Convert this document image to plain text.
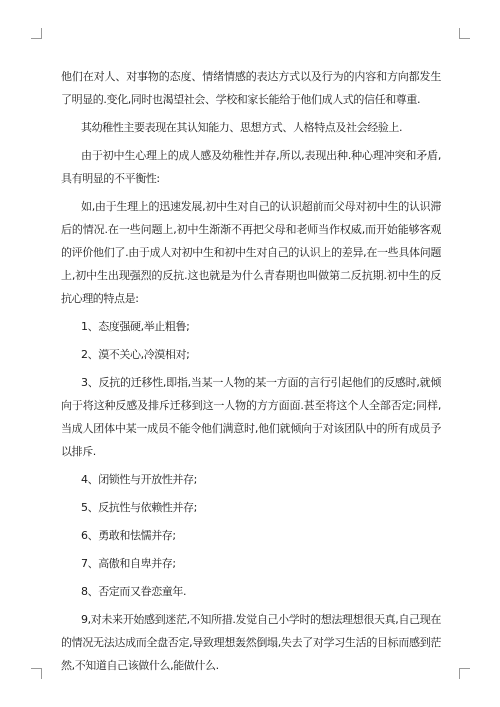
他们在对人、对事物的态度、情绪情感的表达方式以及行为的内容和方向都发生了明显的.变化,同时也渴望社会、学校和家长能给于他们成人式的信任和尊重.

其幼稚性主要表现在其认知能力、思想方式、人格特点及社会经验上.

由于初中生心理上的成人感及幼稚性并存,所以,表现出种.种心理冲突和矛盾,具有明显的不平衡性:

如,由于生理上的迅速发展,初中生对自己的认识超前而父母对初中生的认识滞后的情况.在一些问题上,初中生渐渐不再把父母和老师当作权威,而开始能够客观的评价他们了.由于成人对初中生和初中生对自己的认识上的差异,在一些具体问题上,初中生出现强烈的反抗.这也就是为什么青春期也叫做第二反抗期.初中生的反抗心理的特点是:

1、态度强硬,举止粗鲁;

2、漠不关心,冷漠相对;

3、反抗的迁移性,即指,当某一人物的某一方面的言行引起他们的反感时,就倾向于将这种反感及排斥迁移到这一人物的方方面面.甚至将这个人全部否定;同样,当成人团体中某一成员不能令他们满意时,他们就倾向于对该团队中的所有成员予以排斥.

4、闭锁性与开放性并存;

5、反抗性与依赖性并存;

6、勇敢和怯懦并存;

7、高傲和自卑并存;

8、否定而又眷恋童年.

9,对未来开始感到迷茫,不知所措.发觉自己小学时的想法理想很天真,自己现在的情况无法达成而全盘否定,导致理想轰然倒塌,失去了对学习生活的目标而感到茫然,不知道自己该做什么,能做什么.
